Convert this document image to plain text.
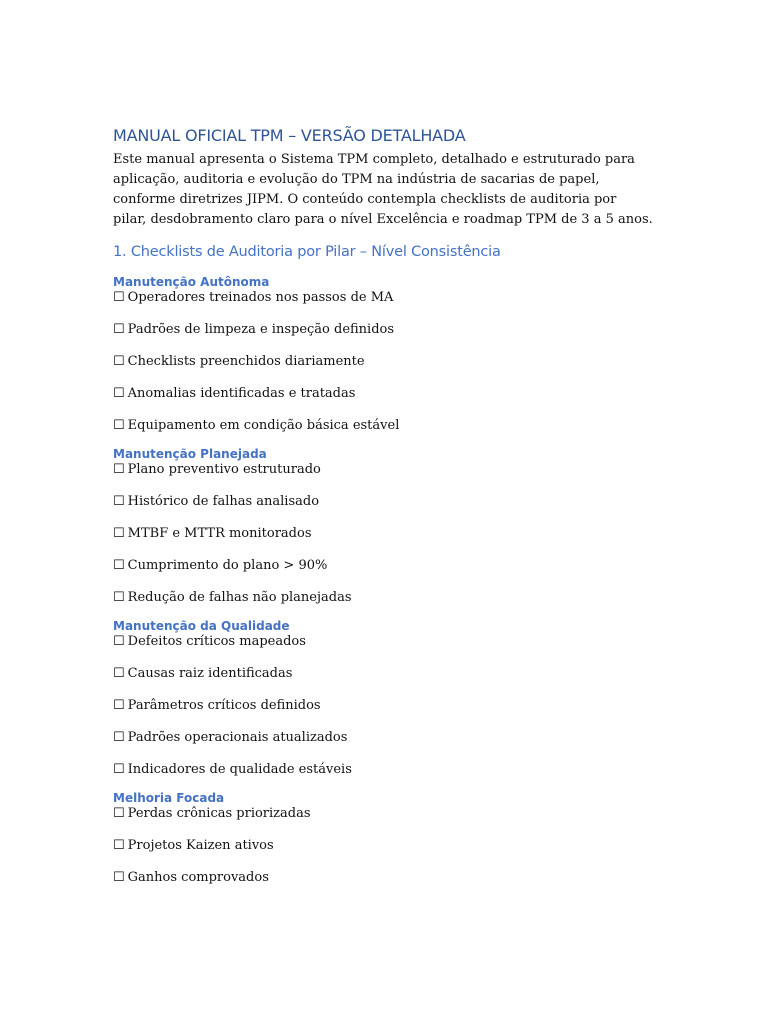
MANUAL OFICIAL TPM – VERSÃO DETALHADA

Este manual apresenta o Sistema TPM completo, detalhado e estruturado para aplicação, auditoria e evolução do TPM na indústria de sacarias de papel, conforme diretrizes JIPM. O conteúdo contempla checklists de auditoria por pilar, desdobramento claro para o nível Excelência e roadmap TPM de 3 a 5 anos.

1. Checklists de Auditoria por Pilar – Nível Consistência
Manutenção Autônoma
☐ Operadores treinados nos passos de MA
☐ Padrões de limpeza e inspeção definidos
☐ Checklists preenchidos diariamente
☐ Anomalias identificadas e tratadas
☐ Equipamento em condição básica estável
Manutenção Planejada
☐ Plano preventivo estruturado
☐ Histórico de falhas analisado
☐ MTBF e MTTR monitorados
☐ Cumprimento do plano > 90%
☐ Redução de falhas não planejadas
Manutenção da Qualidade
☐ Defeitos críticos mapeados
☐ Causas raiz identificadas
☐ Parâmetros críticos definidos
☐ Padrões operacionais atualizados
☐ Indicadores de qualidade estáveis
Melhoria Focada
☐ Perdas crônicas priorizadas
☐ Projetos Kaizen ativos
☐ Ganhos comprovados
